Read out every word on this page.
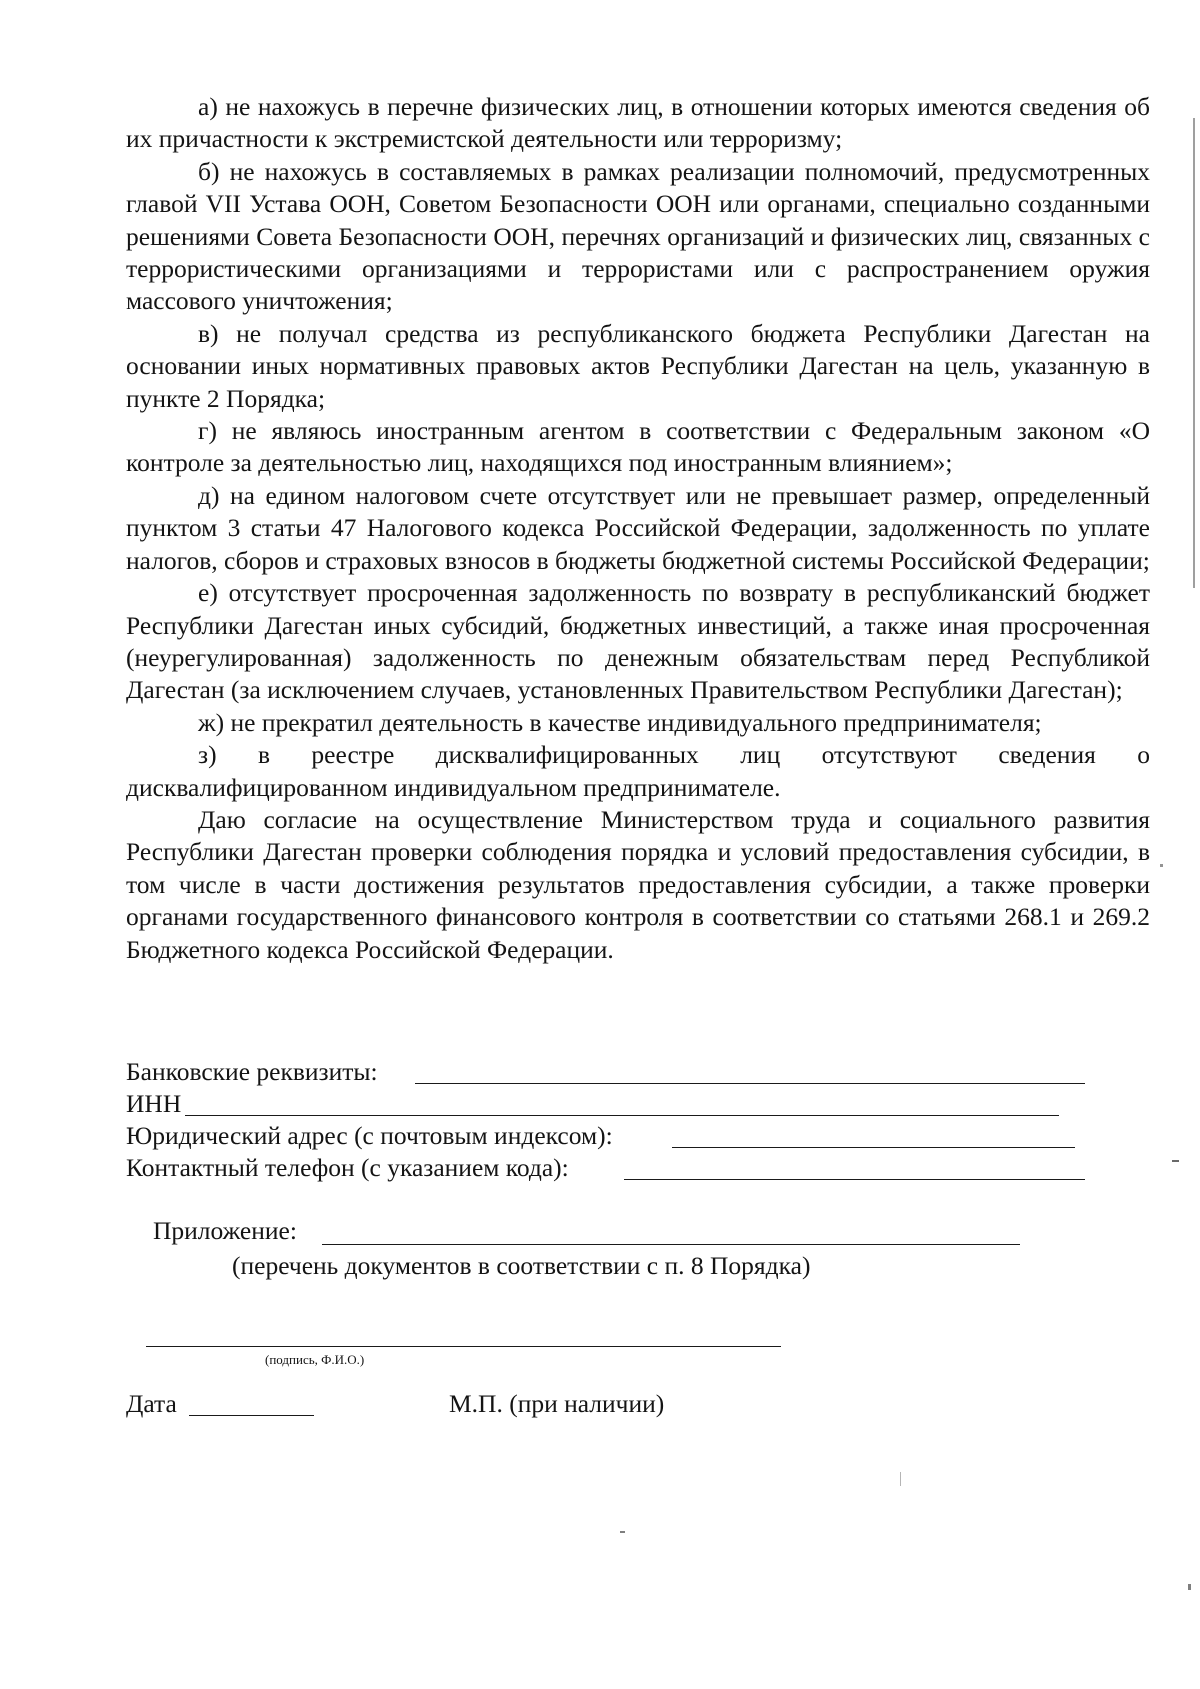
а) не нахожусь в перечне физических лиц, в отношении которых имеются сведения об их причастности к экстремистской деятельности или терроризму;

б) не нахожусь в составляемых в рамках реализации полномочий, предусмотренных главой VII Устава ООН, Советом Безопасности ООН или органами, специально созданными решениями Совета Безопасности ООН, перечнях организаций и физических лиц, связанных с террористическими организациями и террористами или с распространением оружия массового уничтожения;

в) не получал средства из республиканского бюджета Республики Дагестан на основании иных нормативных правовых актов Республики Дагестан на цель, указанную в пункте 2 Порядка;

г) не являюсь иностранным агентом в соответствии с Федеральным законом «О контроле за деятельностью лиц, находящихся под иностранным влиянием»;

д) на едином налоговом счете отсутствует или не превышает размер, определенный пунктом 3 статьи 47 Налогового кодекса Российской Федерации, задолженность по уплате налогов, сборов и страховых взносов в бюджеты бюджетной системы Российской Федерации;

е) отсутствует просроченная задолженность по возврату в республиканский бюджет Республики Дагестан иных субсидий, бюджетных инвестиций, а также иная просроченная (неурегулированная) задолженность по денежным обязательствам перед Республикой Дагестан (за исключением случаев, установленных Правительством Республики Дагестан);

ж) не прекратил деятельность в качестве индивидуального предпринимателя;

з) в реестре дисквалифицированных лиц отсутствуют сведения о дисквалифицированном индивидуальном предпринимателе.

Даю согласие на осуществление Министерством труда и социального развития Республики Дагестан проверки соблюдения порядка и условий предоставления субсидии, в том числе в части достижения результатов предоставления субсидии, а также проверки органами государственного финансового контроля в соответствии со статьями 268.1 и 269.2 Бюджетного кодекса Российской Федерации.

Банковские реквизиты:
ИНН
Юридический адрес (с почтовым индексом):
Контактный телефон (с указанием кода):
Приложение:
(перечень документов в соответствии с п. 8 Порядка)
(подпись, Ф.И.О.)
Дата	М.П. (при наличии)
